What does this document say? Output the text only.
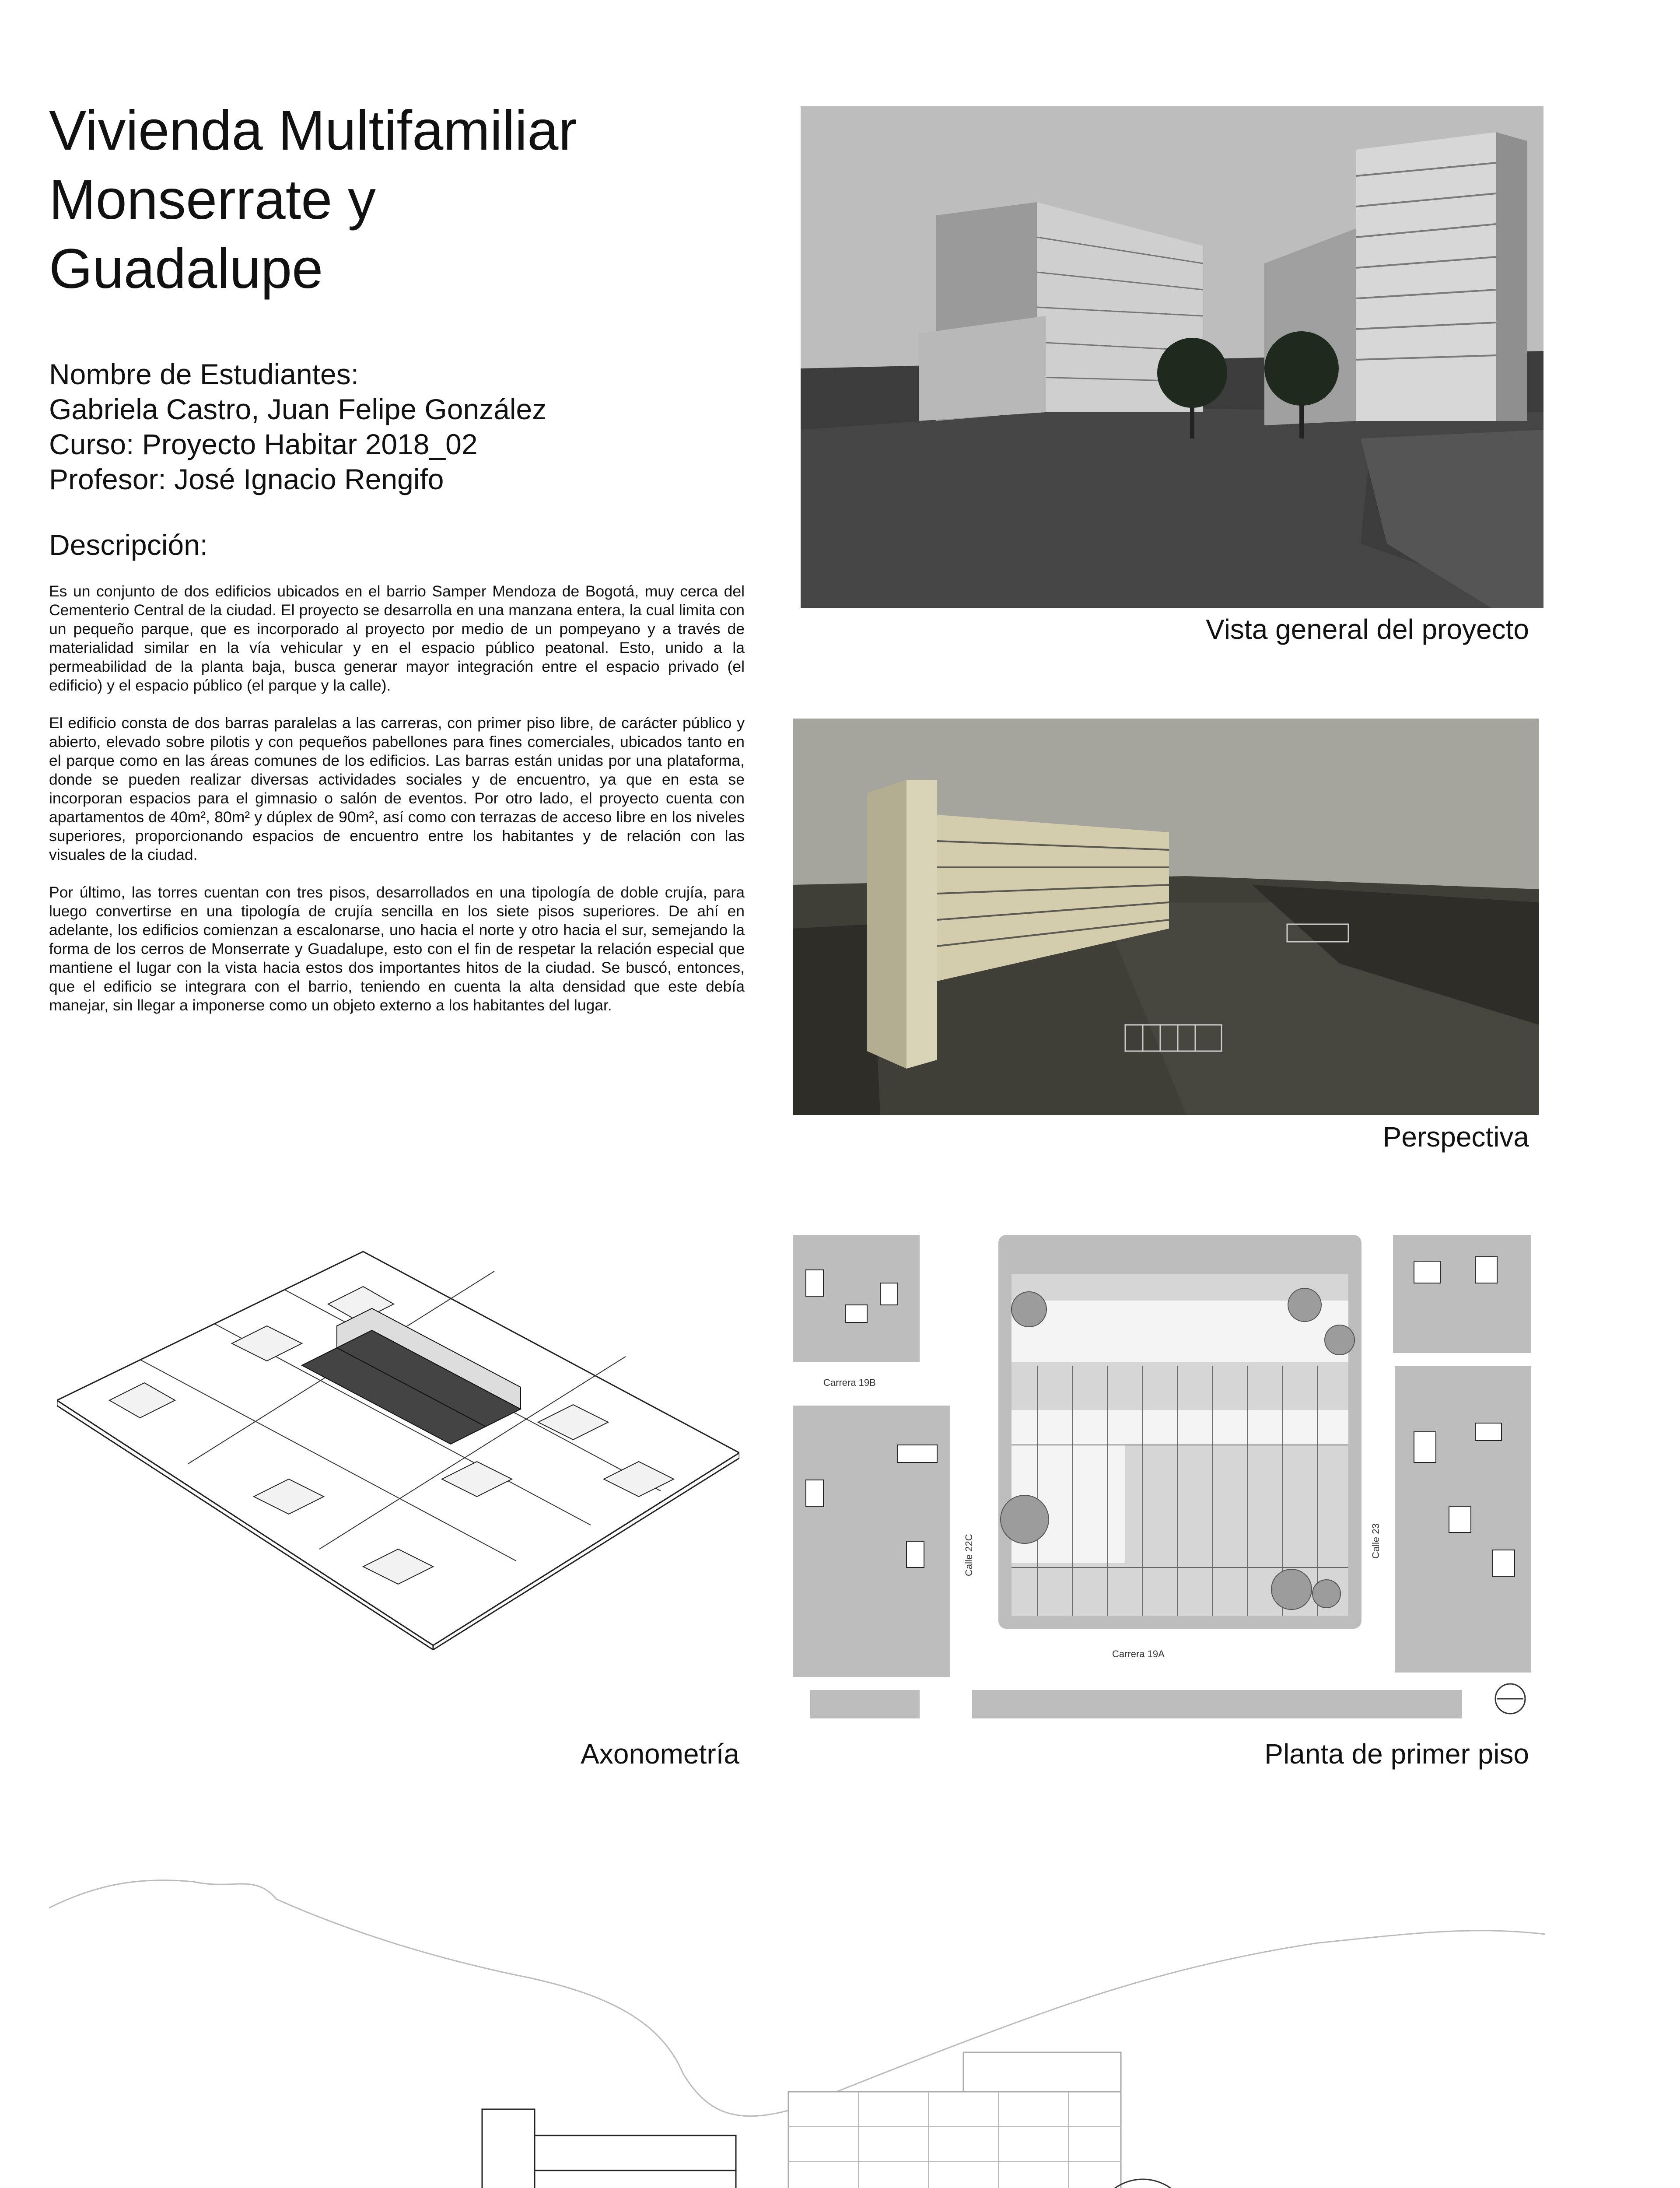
Vivienda Multifamiliar
Monserrate y
Guadalupe
Nombre de Estudiantes:
Gabriela Castro, Juan Felipe González
Curso: Proyecto Habitar 2018_02
Profesor: José Ignacio Rengifo
Descripción:

Es un conjunto de dos edificios ubicados en el barrio Samper Mendoza de Bogotá, muy cerca del Cementerio Central de la ciudad. El proyecto se desarrolla en una manzana entera, la cual limita con un pequeño parque, que es incorporado al proyecto por medio de un pompeyano y a través de materialidad similar en la vía vehicular y en el espacio público peatonal. Esto, unido a la permeabilidad de la planta baja, busca generar mayor integración entre el espacio privado (el edificio) y el espacio público (el parque y la calle).

El edificio consta de dos barras paralelas a las carreras, con primer piso libre, de carácter público y abierto, elevado sobre pilotis y con pequeños pabellones para fines comerciales, ubicados tanto en el parque como en las áreas comunes de los edificios. Las barras están unidas por una plataforma, donde se pueden realizar diversas actividades sociales y de encuentro, ya que en esta se incorporan espacios para el gimnasio o salón de eventos. Por otro lado, el proyecto cuenta con apartamentos de 40m², 80m² y dúplex de 90m², así como con terrazas de acceso libre en los niveles superiores, proporcionando espacios de encuentro entre los habitantes y de relación con las visuales de la ciudad.

Por último, las torres cuentan con tres pisos, desarrollados en una tipología de doble crujía, para luego convertirse en una tipología de crujía sencilla en los siete pisos superiores. De ahí en adelante, los edificios comienzan a escalonarse, uno hacia el norte y otro hacia el sur, semejando la forma de los cerros de Monserrate y Guadalupe, esto con el fin de respetar la relación especial que mantiene el lugar con la vista hacia estos dos importantes hitos de la ciudad. Se buscó, entonces, que el edificio se integrara con el barrio, teniendo en cuenta la alta densidad que este debía manejar, sin llegar a imponerse como un objeto externo a los habitantes del lugar.

Vista general del proyecto
Perspectiva
Axonometría
Carrera 19B
Carrera 19A
Calle 22C	Calle 23
Planta de primer piso
